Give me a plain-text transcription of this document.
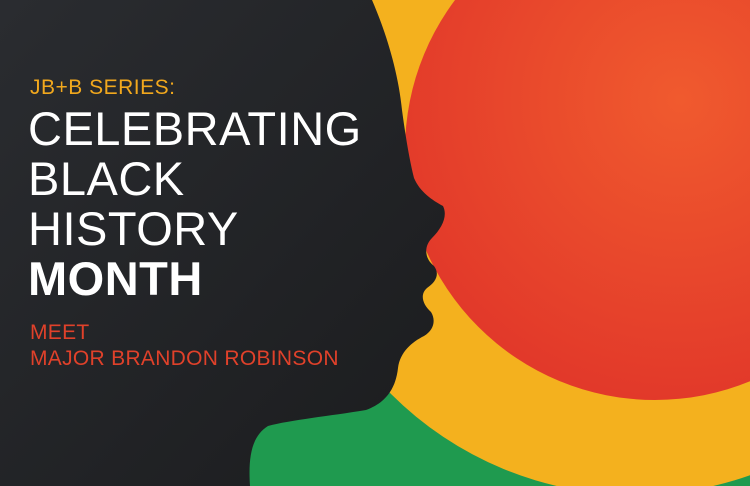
JB+B SERIES:
CELEBRATING
BLACK
HISTORY
MONTH
MEET
MAJOR BRANDON ROBINSON
